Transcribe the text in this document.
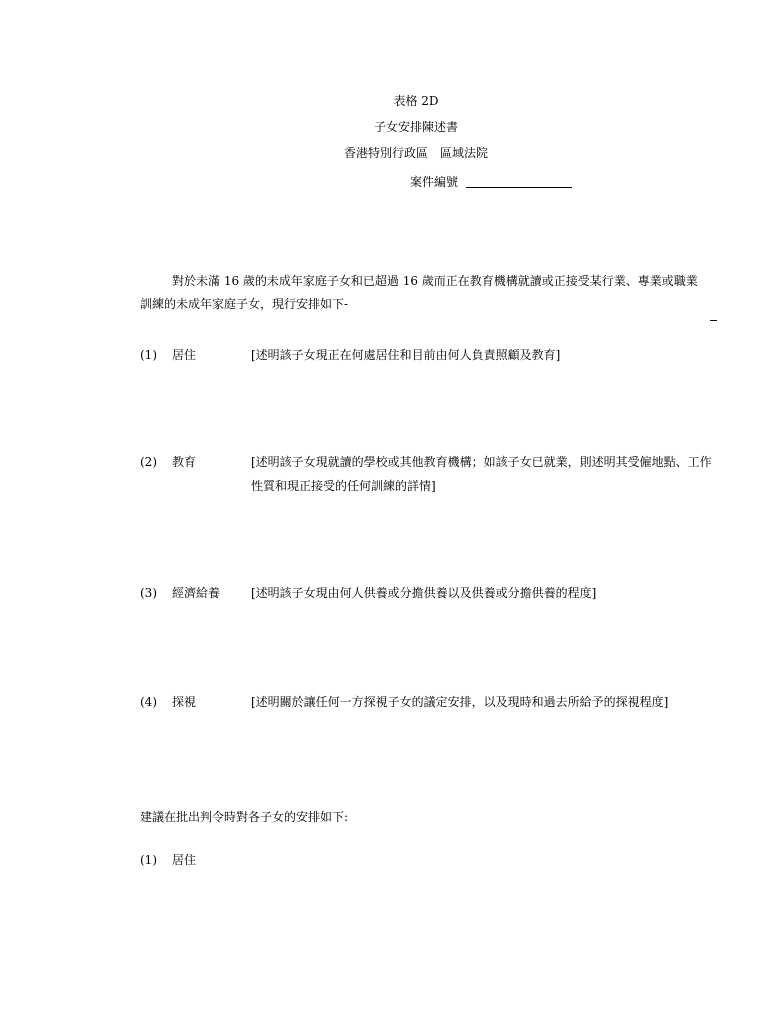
表格 2D
子女安排陳述書
香港特別行政區　區域法院
案件編號
對於未滿 16 歲的未成年家庭子女和已超過 16 歲而正在教育機構就讀或正接受某行業、專業或職業訓練的未成年家庭子女，現行安排如下-
(1) 居住	[述明該子女現正在何處居住和目前由何人負責照顧及教育]
(2) 教育	[述明該子女現就讀的學校或其他教育機構；如該子女已就業，則述明其受僱地點、工作性質和現正接受的任何訓練的詳情]
(3) 經濟給養	[述明該子女現由何人供養或分擔供養以及供養或分擔供養的程度]
(4) 探視	[述明關於讓任何一方探視子女的議定安排，以及現時和過去所給予的探視程度]
建議在批出判令時對各子女的安排如下:
(1) 居住
